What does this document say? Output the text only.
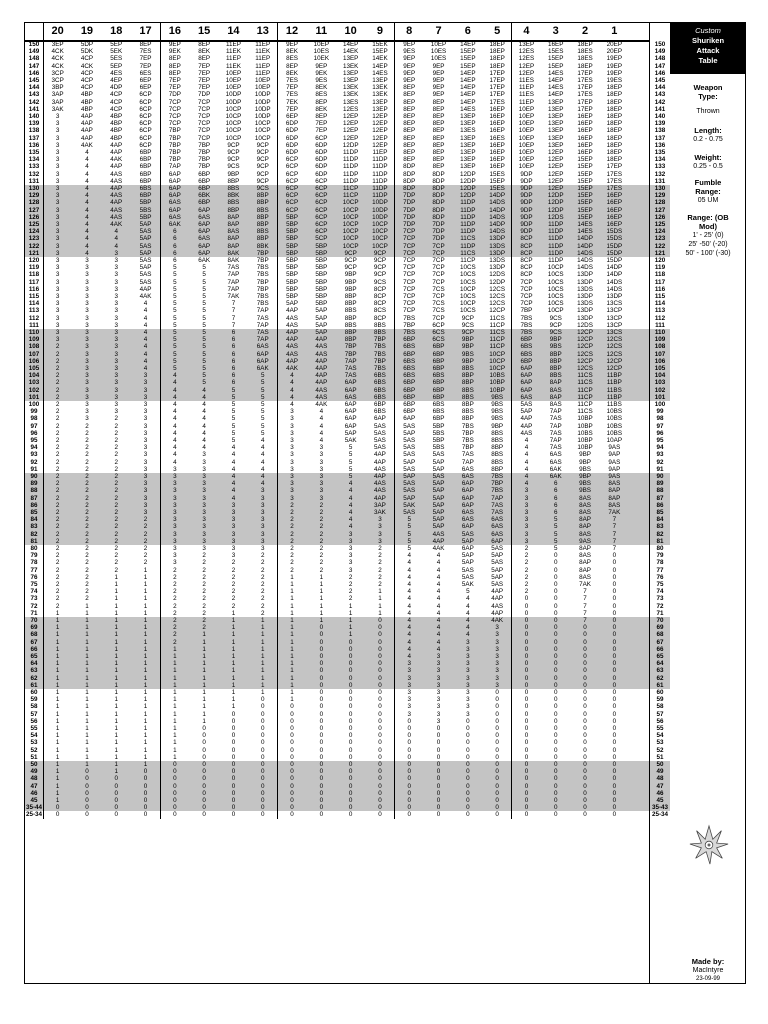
20	19	18	17	16	15	14	13	12	11	10	9	8	7	6	5	4	3	2	1
150	3EP	5DP	5EP	8EP	9EP	8EP	11EP	11EP	9EP	10EP	14EP	15EK	9EP	10EP	14EP	18EP	13EP	16EP	18EP	20EP
149	4CK	5DK	5EK	7ES	9EK	8EK	11EK	11EK	8EK	10ES	14EK	15EP	9ES	10ES	15EP	18EP	12ES	15ES	18ES	20EP
148	4CK	4CP	5ES	7EP	8EP	8EP	11EP	11EP	8ES	10EK	13EP	14EK	9EP	10ES	15EP	18EP	12ES	15EP	18ES	19EP
147	4CK	4CK	5EP	7EP	8EP	7EP	11EK	11EP	8EP	9EP	13EK	14EP	9EP	9EP	15EP	18EP	12EP	15EP	18EP	19EP
146	3CP	4CP	4ES	6ES	8EP	7EP	10EP	11EP	8EK	9EK	13EP	14ES	9EP	9EP	14EP	17EP	12EP	14ES	17EP	19EP
145	3CP	4CP	4EP	6EP	7EP	7EP	10EP	10EP	7ES	9ES	13EP	13EP	9EP	9EP	14EP	17EP	11ES	14EP	17ES	19ES
144	3BP	4CP	4DP	6EP	7EP	7EP	10EP	10EP	7EP	8EK	13EK	13EK	8EP	9EP	14EP	17EP	11EP	14ES	17EP	18EP
143	3AP	4BP	4CP	6CP	7DP	7DP	10DP	10DP	7ES	8ES	13EK	13EK	8EP	9EP	14EP	17EP	11ES	14EP	17ES	18EP
142	3AP	4BP	4CP	6CP	7CP	7CP	10DP	10DP	7EK	8EP	13ES	13EP	8EP	8EP	14EP	17ES	11EP	13EP	17EP	18EP
141	3AK	4BP	4CP	6CP	7CP	7CP	10CP	10DP	7EP	8EK	12ES	13EP	8EP	8EP	14ES	16EP	10EP	13EP	17EP	18EP
140	3	4AP	4BP	6CP	7CP	7CP	10CP	10DP	6EP	8EP	12EP	12EP	8EP	8EP	13EP	16EP	10EP	13EP	16EP	18EP
139	3	4AP	4BP	6CP	7CP	7CP	10CP	10CP	6DP	7EP	12EP	12EP	8EP	8EP	13EP	16EP	10EP	13EP	16EP	18EP
138	3	4AP	4BP	6CP	7BP	7CP	10CP	10CP	6DP	7EP	12EP	12EP	8EP	8EP	13ES	16EP	10EP	13EP	16EP	18EP
137	3	4AP	4BP	6CP	7BP	7CP	10CP	10CP	6DP	6CP	12EP	12EP	8EP	8EP	13EP	16ES	10EP	13EP	16EP	18EP
136	3	4AK	4AP	6CP	7BP	7BP	9CP	9CP	6DP	6DP	12DP	12EP	8EP	8EP	13EP	16EP	10EP	13EP	16EP	18EP
135	3	4	4AP	6BP	7BP	7BP	9CP	9CP	6DP	6DP	11DP	11EP	8EP	8EP	13EP	16EP	10EP	12EP	16EP	18EP
134	3	4	4AK	6BP	7BP	7BP	9CP	9CP	6CP	6DP	11DP	11DP	8EP	8EP	13EP	16EP	10EP	12EP	15EP	18EP
133	3	4	4AP	6BP	7AP	7BP	9CS	9CP	6CP	6DP	11DP	11DP	8DP	8EP	13EP	16EP	10EP	12EP	15EP	17EP
132	3	4	4AS	6BP	6AP	6BP	9BP	9CP	6CP	6DP	11DP	11DP	8DP	8DP	12DP	15ES	9DP	12EP	15EP	17ES
131	3	4	4AS	6BP	6AP	6BP	8BP	9CP	6CP	6CP	11DP	11DP	8DP	8DP	12DP	15EP	9DP	12EP	15EP	17ES
130	3	4	4AP	6BS	6AP	6BP	8BS	9CS	6CP	6CP	11CP	11DP	8DP	8DP	12DP	15ES	9DP	12EP	15EP	17ES
129	3	4	4AS	6BP	6AP	6BK	8BK	8BP	6CP	6CP	11CP	11DP	7DP	8DP	12DP	14DP	9DP	12DP	15EP	16EP
128	3	4	4AP	5BP	6AS	6BP	8BS	8BP	6CP	6CP	10CP	10DP	7DP	8DP	11DP	14DS	9DP	12DP	15EP	16EP
127	3	4	4AS	5BS	6AP	6AP	8BP	8BS	6CP	6CP	10CP	10DP	7DP	8DP	11DP	14DP	9DP	12DP	15EP	16EP
126	3	4	4AS	5BP	6AS	6AS	8AP	8BP	5BP	6CP	10CP	10DP	7DP	8DP	11DP	14DS	9DP	12DS	15EP	16EP
125	3	4	4AK	5AP	6AK	6AP	8AP	8BP	5BP	6CP	10CP	10CP	7DP	7DP	11DP	14DP	9DP	11DP	14ES	16EP
124	3	4	4	5AS	6	6AP	8AS	8BS	5BP	6CP	10CP	10CP	7CP	7DP	11DP	14DS	9DP	11DP	14ES	15DS
123	3	4	4	5AP	6	6AS	8AP	8BP	5BP	5CP	10CP	10CP	7CP	7DP	11CS	13DP	8CP	11DP	14DP	15DS
122	3	4	4	5AS	6	6AP	8AP	8BK	5BP	5BP	10CP	10CP	7CP	7CP	11DP	13DS	8CP	11DP	14DP	15DP
121	3	4	3	5AP	6	6AP	8AK	7BP	5BP	5BP	9CP	9CP	7CP	7CP	11CS	13DP	8CP	11DP	14DS	15DP
120	3	3	3	5AS	6	6AK	8AK	7BP	5BP	5BP	9CP	9CP	7CP	7CP	11CP	13DS	8CP	11DP	14DS	15DP
119	3	3	3	5AP	5	5	7AS	7BS	5BP	5BP	9CP	9CP	7CP	7CP	10CS	13DP	8CP	10CP	14DS	14DP
118	3	3	3	5AS	5	5	7AP	7BS	5BP	5BP	9BP	9CP	7CP	7CP	10CS	12DS	8CP	10CS	13DP	14DP
117	3	3	3	5AS	5	5	7AP	7BP	5BP	5BP	9BP	9CS	7CP	7CP	10CS	12DP	7CP	10CS	13DP	14DS
116	3	3	3	4AP	5	5	7AP	7BP	5BP	5BP	9BP	8CP	7CP	7CS	10CP	12CS	7CP	10CS	13DS	14DS
115	3	3	3	4AK	5	5	7AK	7BS	5BP	5BP	8BP	8CP	7CP	7CP	10CS	12CS	7CP	10CS	13DP	13DP
114	3	3	3	4	5	5	7	7BS	5AP	5BP	8BP	8CP	7CP	7CS	10CP	12CS	7CP	10CS	13DS	13CS
113	3	3	3	4	5	5	7	7AP	4AP	5AP	8BS	8CS	7CP	7CS	10CS	12CP	7BP	10CP	13DP	13CP
112	3	3	3	4	5	5	7	7AS	4AS	5AP	8BP	8CP	7BS	7CP	9CP	11CS	7BS	9CS	13DP	13CP
111	3	3	3	4	5	5	7	7AP	4AS	5AP	8BS	8BS	7BP	6CP	9CS	11CP	7BS	9CP	12DS	13CP
110	3	3	3	4	5	5	6	7AS	4AP	5AP	8BP	8BS	7BS	6CS	9CP	11CS	7BS	9CS	12CP	13CS
109	3	3	3	4	5	5	6	7AP	4AP	4AP	8BP	7BP	6BP	6CS	9BP	11CP	6BP	9BP	12CP	12CS
108	2	3	3	4	5	5	6	6AS	4AS	4AS	7BP	7BS	6BS	6BP	9BP	11CP	6BS	9BS	12CP	12CS
107	2	3	3	4	5	5	6	6AP	4AS	4AS	7BP	7BS	6BP	6BP	9BS	10CP	6BS	8BP	12CS	12CS
106	2	3	3	4	5	5	6	6AP	4AP	4AP	7AP	7BP	6BS	6BP	9BP	10CP	6BP	8BP	12CP	12CP
105	2	3	3	4	5	5	6	6AK	4AK	4AP	7AS	7BS	6BS	6BP	8BS	10CP	6AP	8BP	12CS	12CP
104	2	3	3	3	4	5	6	5	4	4AP	7AS	6BS	6BS	6BS	8BP	10BS	6AP	8BS	11CS	11BP
103	2	3	3	3	4	5	6	5	4	4AP	6AP	6BS	6BP	6BP	8BP	10BP	6AP	8AP	11CS	11BP
102	2	3	3	3	4	4	5	5	4	4AS	6AP	6BS	6BP	6BP	8BS	10BP	6AP	8AS	11CP	11BS
101	2	3	3	3	4	4	5	5	4	4AS	6AS	6BS	6BP	6BP	8BS	9BS	6AS	8AP	11CP	11BP
100	2	3	3	3	4	4	5	5	4	4AK	6AP	6BP	6BP	6BS	8BP	9BS	5AS	8AS	11CP	11BS
99	2	3	3	3	4	4	5	5	3	4	6AP	6BS	6BP	6BS	8BS	9BS	5AP	7AP	11CS	10BS
98	2	3	2	3	4	4	5	5	3	4	6AP	6AP	6AP	6BP	8BP	9BS	4AP	7AS	10BP	10BS
97	2	2	2	3	4	4	5	5	3	4	6AP	5AS	5AS	5BP	7BS	9BP	4AP	7AP	10BP	10BS
96	2	2	2	3	4	4	5	5	3	4	5AP	5AS	5AP	5BS	7BP	8BS	4AS	7AS	10BS	10BS
95	2	2	2	3	4	4	5	4	3	4	5AK	5AS	5AS	5BP	7BS	8BS	4	7AP	10BP	10AP
94	2	2	2	3	4	4	4	4	3	3	5	5AS	5AS	5BS	7BP	8BP	4	7AS	10BP	9AS
93	2	2	2	3	4	3	4	4	3	3	5	4AP	5AS	5AS	7AS	8BS	4	6AS	9BP	9AP
92	2	2	2	3	4	3	4	4	3	3	5	4AP	5AP	5AP	7AP	8BS	4	6AS	9BP	9AS
91	2	2	2	3	3	3	4	4	3	3	5	4AS	5AS	5AP	6AS	8BP	4	6AK	9BS	9AP
90	2	2	2	3	3	3	4	4	3	3	5	4AP	5AP	5AS	6AS	7BS	4	6AK	9BP	9AS
89	2	2	2	3	3	3	4	4	3	3	4	4AS	5AS	5AP	6AP	7BP	4	6	9BS	8AS
88	2	2	2	3	3	3	4	3	3	3	4	4AS	5AS	5AP	6AP	7BS	3	6	9BS	8AP
87	2	2	2	3	3	3	4	3	3	3	4	4AP	5AP	5AP	6AP	7AP	3	6	8AS	8AP
86	2	2	2	3	3	3	3	3	2	2	4	3AP	5AK	5AP	6AP	7AS	3	6	8AS	8AS
85	2	2	2	3	3	3	3	3	2	2	4	3AK	5AS	5AP	6AS	7AS	3	6	8AS	7AK
84	2	2	2	2	3	3	3	3	2	2	4	3	5	5AP	6AS	6AS	3	5	8AP	7
83	2	2	2	2	3	3	3	3	2	2	4	3	5	5AP	6AP	6AS	3	5	8AP	7
82	2	2	2	2	3	3	3	3	2	2	3	3	5	4AS	5AS	6AS	3	5	8AS	7
81	2	2	2	2	3	3	3	3	2	2	3	3	5	4AP	5AP	6AP	3	5	9AS	7
80	2	2	2	2	3	3	3	3	2	2	3	2	5	4AK	6AP	5AS	2	5	8AP	7
79	2	2	2	2	3	2	3	2	2	2	3	2	4	4	5AP	5AP	2	0	8AS	0
78	2	2	2	2	3	2	2	2	2	2	3	2	4	4	5AP	5AS	2	0	8AP	0
77	2	2	2	1	2	2	2	2	2	2	3	2	4	4	5AS	5AP	2	0	8AP	0
76	2	2	1	1	2	2	2	2	1	1	2	2	4	4	5AS	5AP	2	0	8AS	0
75	2	2	1	1	2	2	2	2	1	1	2	2	4	4	5AK	5AS	2	0	7AK	0
74	2	2	1	1	2	2	2	2	1	1	2	1	4	4	5	4AP	2	0	7	0
73	2	2	1	1	2	2	2	2	1	1	2	1	4	4	4	4AP	0	0	7	0
72	2	1	1	1	2	2	2	2	1	1	1	1	4	4	4	4AS	0	0	7	0
71	1	1	1	1	2	2	1	2	1	1	1	1	4	4	4	4AP	0	0	7	0
70	1	1	1	1	2	2	1	1	1	1	1	0	4	4	4	4AK	0	0	7	0
69	1	1	1	1	2	2	1	1	1	0	1	0	4	4	4	3	0	0	0	0
68	1	1	1	1	2	1	1	1	1	0	1	0	4	4	4	3	0	0	0	0
67	1	1	1	1	2	1	1	1	1	0	0	0	4	4	3	3	0	0	0	0
66	1	1	1	1	1	1	1	1	1	0	0	0	4	4	3	3	0	0	0	0
65	1	1	1	1	1	1	1	1	1	0	0	0	4	3	3	3	0	0	0	0
64	1	1	1	1	1	1	1	1	1	0	0	0	3	3	3	3	0	0	0	0
63	1	1	1	1	1	1	1	1	1	0	0	0	3	3	3	3	0	0	0	0
62	1	1	1	1	1	1	1	1	1	0	0	0	3	3	3	3	0	0	0	0
61	1	1	1	1	1	1	1	1	1	0	0	0	3	3	3	3	0	0	0	0
60	1	1	1	1	1	1	1	1	1	0	0	0	3	3	3	0	0	0	0	0
59	1	1	1	1	1	1	1	0	1	0	0	0	3	3	3	0	0	0	0	0
58	1	1	1	1	1	1	1	0	0	0	0	0	3	3	3	0	0	0	0	0
57	1	1	1	1	1	1	0	0	0	0	0	0	3	3	3	0	0	0	0	0
56	1	1	1	1	1	1	0	0	0	0	0	0	0	3	0	0	0	0	0	0
55	1	1	1	1	1	0	0	0	0	0	0	0	0	0	0	0	0	0	0	0
54	1	1	1	1	1	0	0	0	0	0	0	0	0	0	0	0	0	0	0	0
53	1	1	1	1	1	0	0	0	0	0	0	0	0	0	0	0	0	0	0	0
52	1	1	1	1	1	0	0	0	0	0	0	0	0	0	0	0	0	0	0	0
51	1	1	1	1	1	0	0	0	0	0	0	0	0	0	0	0	0	0	0	0
50	1	1	1	1	0	0	0	0	0	0	0	0	0	0	0	0	0	0	0	0
49	1	0	1	0	0	0	0	0	0	0	0	0	0	0	0	0	0	0	0	0
48	1	0	0	0	0	0	0	0	0	0	0	0	0	0	0	0	0	0	0	0
47	1	0	0	0	0	0	0	0	0	0	0	0	0	0	0	0	0	0	0	0
46	1	0	0	0	0	0	0	0	0	0	0	0	0	0	0	0	0	0	0	0
45	1	0	0	0	0	0	0	0	0	0	0	0	0	0	0	0	0	0	0	0
35-44	0	0	0	0	0	0	0	0	0	0	0	0	0	0	0	0	0	0	0	0
25-34	0	0	0	0	0	0	0	0	0	0	0	0	0	0	0	0	0	0	0	0
Custom
Shuriken
Attack
Table
Weapon Type:
Thrown
Length:
0.2 - 0.75
Weight:
0.25 - 0.5
Fumble Range:
05 UM
Range: (OB Mod)
1' - 25' (0)
25' -50' (-20)
50' - 100' (-30)
Made by:
MacIntyre
23-09-99
150
149
148
147
146
145
144
143
142
141
140
139
138
137
136
135
134
133
132
131
130
129
128
127
126
125
124
123
122
121
120
119
118
117
116
115
114
113
112
111
110
109
108
107
106
105
104
103
102
101
100
99
98
97
96
95
94
93
92
91
90
89
88
87
86
85
84
83
82
81
80
79
78
77
76
75
74
73
72
71
70
69
68
67
66
65
64
63
62
61
60
59
58
57
56
55
54
53
52
51
50
49
48
47
46
45
35-43
25-34
